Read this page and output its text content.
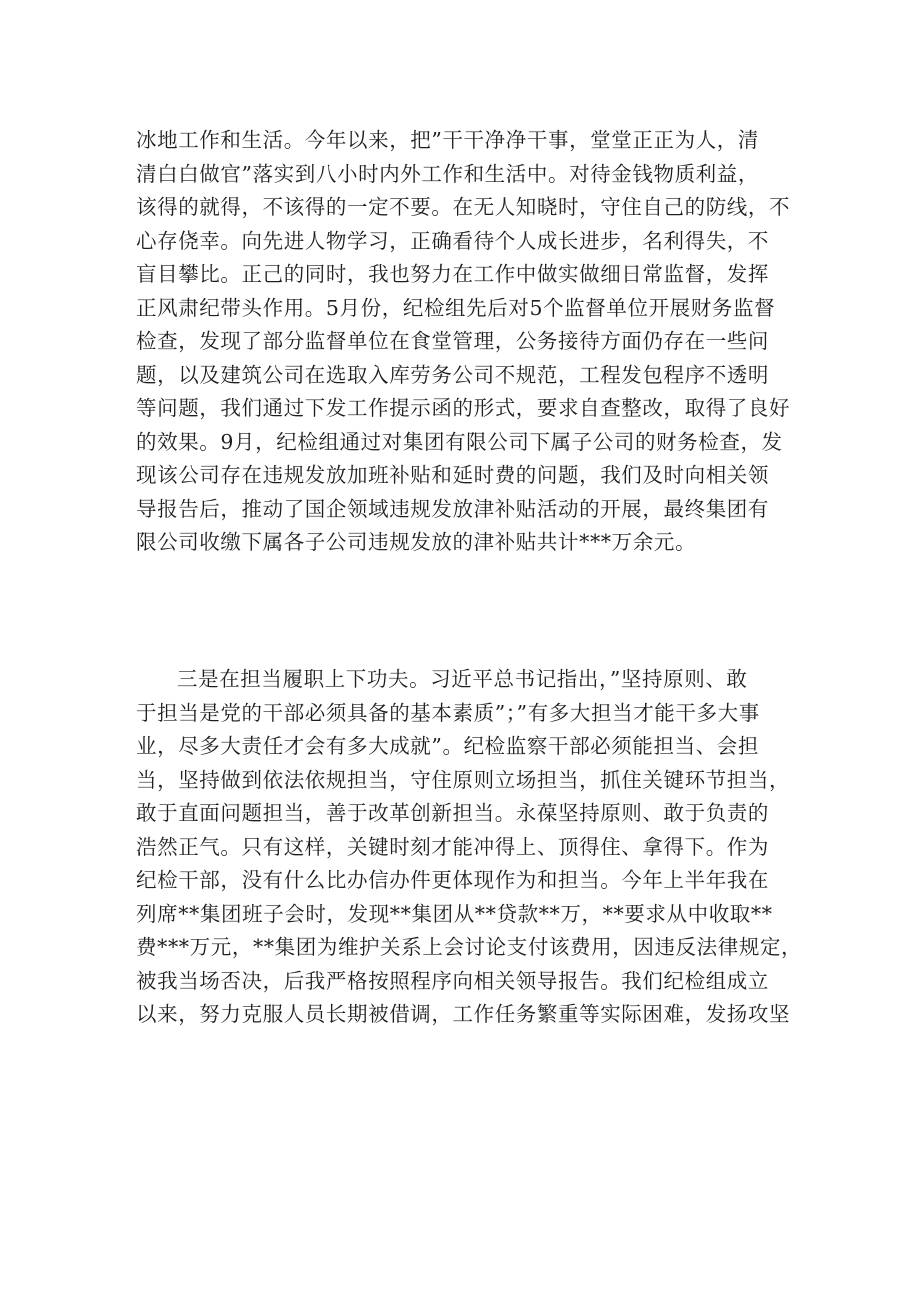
冰地工作和生活。今年以来，把”干干净净干事，堂堂正正为人，清
清白白做官”落实到八小时内外工作和生活中。对待金钱物质利益，
该得的就得，不该得的一定不要。在无人知晓时，守住自己的防线，不
心存侥幸。向先进人物学习，正确看待个人成长进步，名利得失，不
盲目攀比。正己的同时，我也努力在工作中做实做细日常监督，发挥
正风肃纪带头作用。5月份，纪检组先后对5个监督单位开展财务监督
检查，发现了部分监督单位在食堂管理，公务接待方面仍存在一些问
题，以及建筑公司在选取入库劳务公司不规范，工程发包程序不透明
等问题，我们通过下发工作提示函的形式，要求自查整改，取得了良好
的效果。9月，纪检组通过对集团有限公司下属子公司的财务检查，发
现该公司存在违规发放加班补贴和延时费的问题，我们及时向相关领
导报告后，推动了国企领域违规发放津补贴活动的开展，最终集团有
限公司收缴下属各子公司违规发放的津补贴共计***万余元。
三是在担当履职上下功夫。习近平总书记指出，”坚持原则、敢
于担当是党的干部必须具备的基本素质”；”有多大担当才能干多大事
业，尽多大责任才会有多大成就”。纪检监察干部必须能担当、会担
当，坚持做到依法依规担当，守住原则立场担当，抓住关键环节担当，
敢于直面问题担当，善于改革创新担当。永葆坚持原则、敢于负责的
浩然正气。只有这样，关键时刻才能冲得上、顶得住、拿得下。作为
纪检干部，没有什么比办信办件更体现作为和担当。今年上半年我在
列席**集团班子会时，发现**集团从**贷款**万，**要求从中收取**
费***万元，**集团为维护关系上会讨论支付该费用，因违反法律规定，
被我当场否决，后我严格按照程序向相关领导报告。我们纪检组成立
以来，努力克服人员长期被借调，工作任务繁重等实际困难，发扬攻坚
